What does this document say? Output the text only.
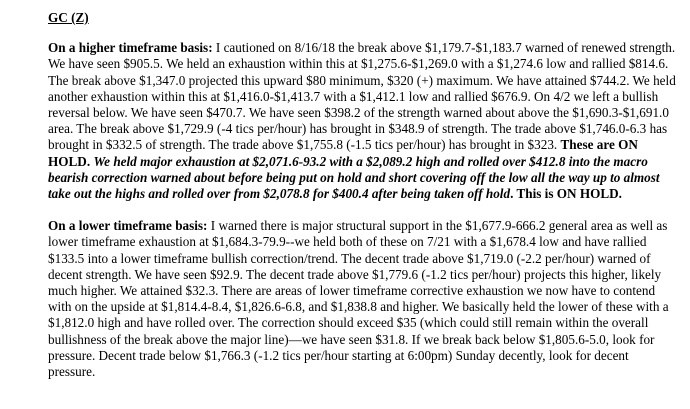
GC (Z)

On a higher timeframe basis: I cautioned on 8/16/18 the break above $1,179.7-$1,183.7 warned of renewed strength. We have seen $905.5. We held an exhaustion within this at $1,275.6-$1,269.0 with a $1,274.6 low and rallied $814.6. The break above $1,347.0 projected this upward $80 minimum, $320 (+) maximum. We have attained $744.2. We held another exhaustion within this at $1,416.0-$1,413.7 with a $1,412.1 low and rallied $676.9. On 4/2 we left a bullish reversal below. We have seen $470.7. We have seen $398.2 of the strength warned about above the $1,690.3-$1,691.0 area. The break above $1,729.9 (-4 tics per/hour) has brought in $348.9 of strength. The trade above $1,746.0-6.3 has brought in $332.5 of strength. The trade above $1,755.8 (-1.5 tics per/hour) has brought in $323. These are ON HOLD. We held major exhaustion at $2,071.6-93.2 with a $2,089.2 high and rolled over $412.8 into the macro bearish correction warned about before being put on hold and short covering off the low all the way up to almost take out the highs and rolled over from $2,078.8 for $400.4 after being taken off hold. This is ON HOLD.

On a lower timeframe basis: I warned there is major structural support in the $1,677.9-666.2 general area as well as lower timeframe exhaustion at $1,684.3-79.9--we held both of these on 7/21 with a $1,678.4 low and have rallied $133.5 into a lower timeframe bullish correction/trend. The decent trade above $1,719.0 (-2.2 per/hour) warned of decent strength. We have seen $92.9. The decent trade above $1,779.6 (-1.2 tics per/hour) projects this higher, likely much higher. We attained $32.3. There are areas of lower timeframe corrective exhaustion we now have to contend with on the upside at $1,814.4-8.4, $1,826.6-6.8, and $1,838.8 and higher. We basically held the lower of these with a $1,812.0 high and have rolled over. The correction should exceed $35 (which could still remain within the overall bullishness of the break above the major line)—we have seen $31.8. If we break back below $1,805.6-5.0, look for pressure. Decent trade below $1,766.3 (-1.2 tics per/hour starting at 6:00pm) Sunday decently, look for decent pressure.
